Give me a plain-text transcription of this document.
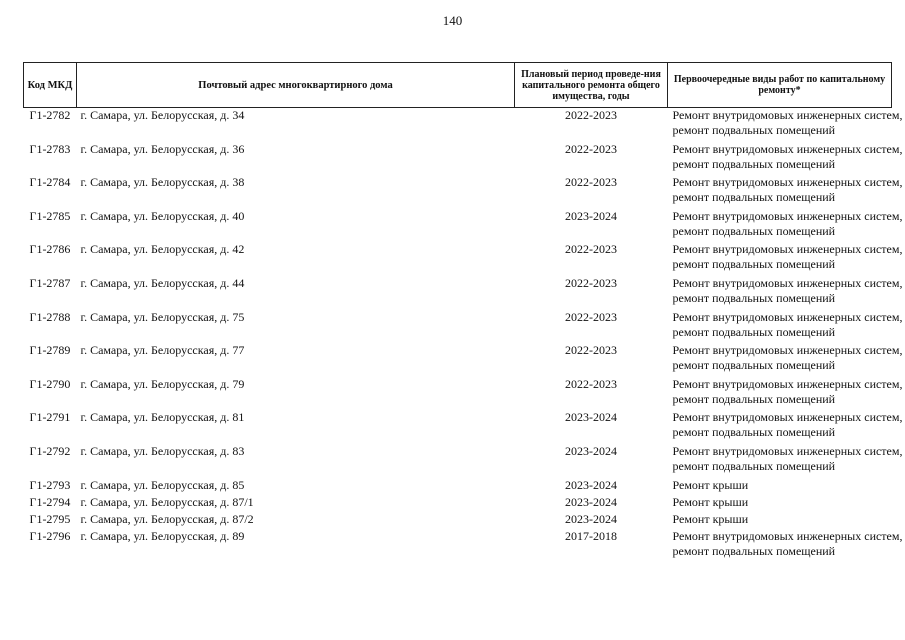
140
Код МКД	Почтовый адрес многоквартирного дома	Плановый период проведе-ния капитального ремонта общего имущества, годы	Первоочередные виды работ по капитальному ремонту*
Г1-2782	г. Самара, ул. Белорусская, д. 34	2022-2023	Ремонт внутридомовых инженерных систем,
ремонт подвальных помещений

Г1-2783	г. Самара, ул. Белорусская, д. 36	2022-2023	Ремонт внутридомовых инженерных систем,
ремонт подвальных помещений

Г1-2784	г. Самара, ул. Белорусская, д. 38	2022-2023	Ремонт внутридомовых инженерных систем,
ремонт подвальных помещений

Г1-2785	г. Самара, ул. Белорусская, д. 40	2023-2024	Ремонт внутридомовых инженерных систем,
ремонт подвальных помещений

Г1-2786	г. Самара, ул. Белорусская, д. 42	2022-2023	Ремонт внутридомовых инженерных систем,
ремонт подвальных помещений

Г1-2787	г. Самара, ул. Белорусская, д. 44	2022-2023	Ремонт внутридомовых инженерных систем,
ремонт подвальных помещений

Г1-2788	г. Самара, ул. Белорусская, д. 75	2022-2023	Ремонт внутридомовых инженерных систем,
ремонт подвальных помещений

Г1-2789	г. Самара, ул. Белорусская, д. 77	2022-2023	Ремонт внутридомовых инженерных систем,
ремонт подвальных помещений

Г1-2790	г. Самара, ул. Белорусская, д. 79	2022-2023	Ремонт внутридомовых инженерных систем,
ремонт подвальных помещений

Г1-2791	г. Самара, ул. Белорусская, д. 81	2023-2024	Ремонт внутридомовых инженерных систем,
ремонт подвальных помещений

Г1-2792	г. Самара, ул. Белорусская, д. 83	2023-2024	Ремонт внутридомовых инженерных систем,
ремонт подвальных помещений

Г1-2793	г. Самара, ул. Белорусская, д. 85	2023-2024	Ремонт крыши

Г1-2794	г. Самара, ул. Белорусская, д. 87/1	2023-2024	Ремонт крыши

Г1-2795	г. Самара, ул. Белорусская, д. 87/2	2023-2024	Ремонт крыши

Г1-2796	г. Самара, ул. Белорусская, д. 89	2017-2018	Ремонт внутридомовых инженерных систем,
ремонт подвальных помещений
